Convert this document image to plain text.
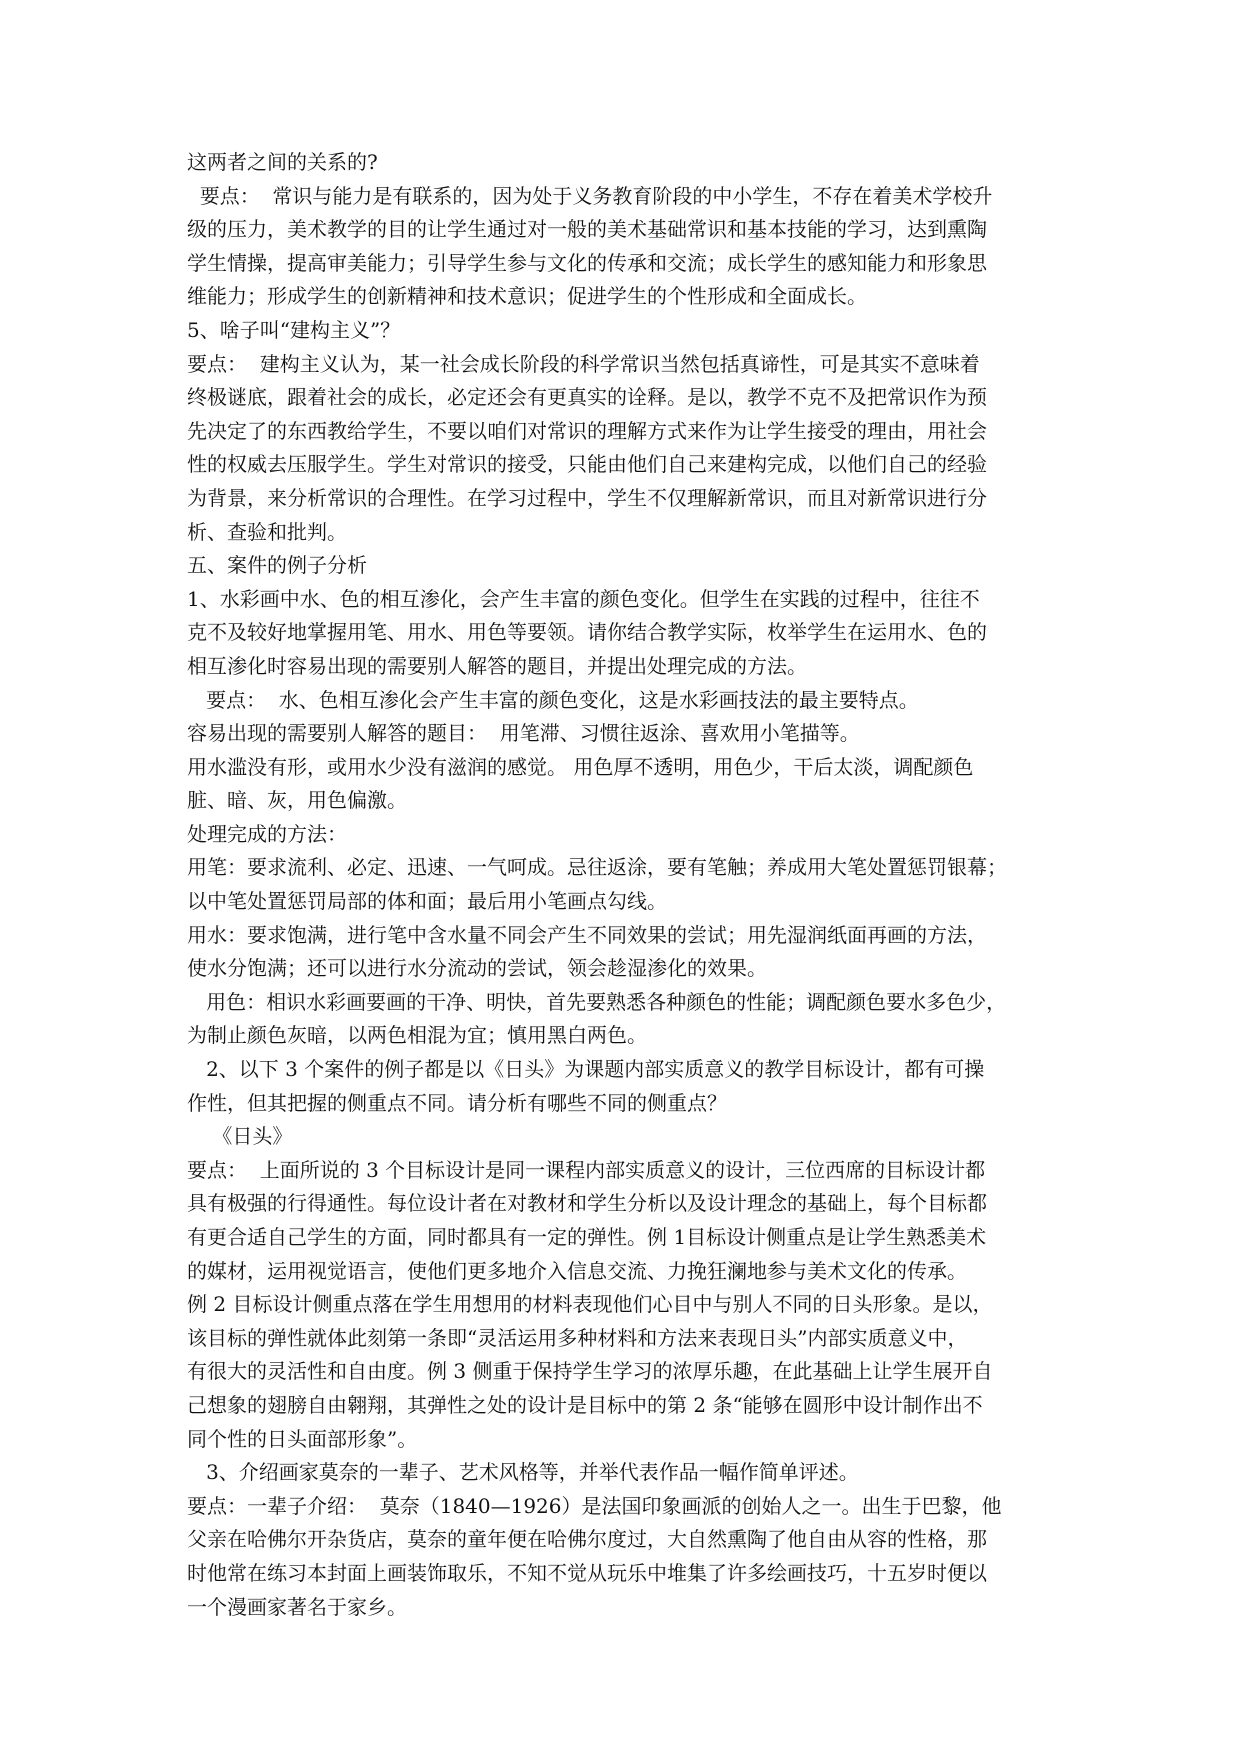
这两者之间的关系的?
要点：  常识与能力是有联系的，因为处于义务教育阶段的中小学生，不存在着美术学校升
级的压力，美术教学的目的让学生通过对一般的美术基础常识和基本技能的学习，达到熏陶
学生情操，提高审美能力；引导学生参与文化的传承和交流；成长学生的感知能力和形象思
维能力；形成学生的创新精神和技术意识；促进学生的个性形成和全面成长。
5、啥子叫“建构主义”？
要点：  建构主义认为，某一社会成长阶段的科学常识当然包括真谛性，可是其实不意味着
终极谜底，跟着社会的成长，必定还会有更真实的诠释。是以，教学不克不及把常识作为预
先决定了的东西教给学生，不要以咱们对常识的理解方式来作为让学生接受的理由，用社会
性的权威去压服学生。学生对常识的接受，只能由他们自己来建构完成，以他们自己的经验
为背景，来分析常识的合理性。在学习过程中，学生不仅理解新常识，而且对新常识进行分
析、查验和批判。
五、案件的例子分析
1、水彩画中水、色的相互渗化，会产生丰富的颜色变化。但学生在实践的过程中，往往不
克不及较好地掌握用笔、用水、用色等要领。请你结合教学实际，枚举学生在运用水、色的
相互渗化时容易出现的需要别人解答的题目，并提出处理完成的方法。
要点：  水、色相互渗化会产生丰富的颜色变化，这是水彩画技法的最主要特点。
容易出现的需要别人解答的题目：  用笔滞、习惯往返涂、喜欢用小笔描等。
用水滥没有形，或用水少没有滋润的感觉。 用色厚不透明，用色少，干后太淡，调配颜色
脏、暗、灰，用色偏激。
处理完成的方法：
用笔：要求流利、必定、迅速、一气呵成。忌往返涂，要有笔触；养成用大笔处置惩罚银幕；
以中笔处置惩罚局部的体和面；最后用小笔画点勾线。
用水：要求饱满，进行笔中含水量不同会产生不同效果的尝试；用先湿润纸面再画的方法，
使水分饱满；还可以进行水分流动的尝试，领会趁湿渗化的效果。
用色：相识水彩画要画的干净、明快，首先要熟悉各种颜色的性能；调配颜色要水多色少，
为制止颜色灰暗，以两色相混为宜；慎用黑白两色。
2、以下 3 个案件的例子都是以《日头》为课题内部实质意义的教学目标设计，都有可操
作性，但其把握的侧重点不同。请分析有哪些不同的侧重点？
《日头》
要点：  上面所说的 3 个目标设计是同一课程内部实质意义的设计，三位西席的目标设计都
具有极强的行得通性。每位设计者在对教材和学生分析以及设计理念的基础上，每个目标都
有更合适自己学生的方面，同时都具有一定的弹性。例 1目标设计侧重点是让学生熟悉美术
的媒材，运用视觉语言，使他们更多地介入信息交流、力挽狂澜地参与美术文化的传承。
例 2 目标设计侧重点落在学生用想用的材料表现他们心目中与别人不同的日头形象。是以，
该目标的弹性就体此刻第一条即“灵活运用多种材料和方法来表现日头”内部实质意义中，
有很大的灵活性和自由度。例 3 侧重于保持学生学习的浓厚乐趣，在此基础上让学生展开自
己想象的翅膀自由翱翔，其弹性之处的设计是目标中的第 2 条“能够在圆形中设计制作出不
同个性的日头面部形象”。
3、介绍画家莫奈的一辈子、艺术风格等，并举代表作品一幅作简单评述。
要点：一辈子介绍：  莫奈（1840—1926）是法国印象画派的创始人之一。出生于巴黎，他
父亲在哈佛尔开杂货店，莫奈的童年便在哈佛尔度过，大自然熏陶了他自由从容的性格，那
时他常在练习本封面上画装饰取乐，不知不觉从玩乐中堆集了许多绘画技巧，十五岁时便以
一个漫画家著名于家乡。
